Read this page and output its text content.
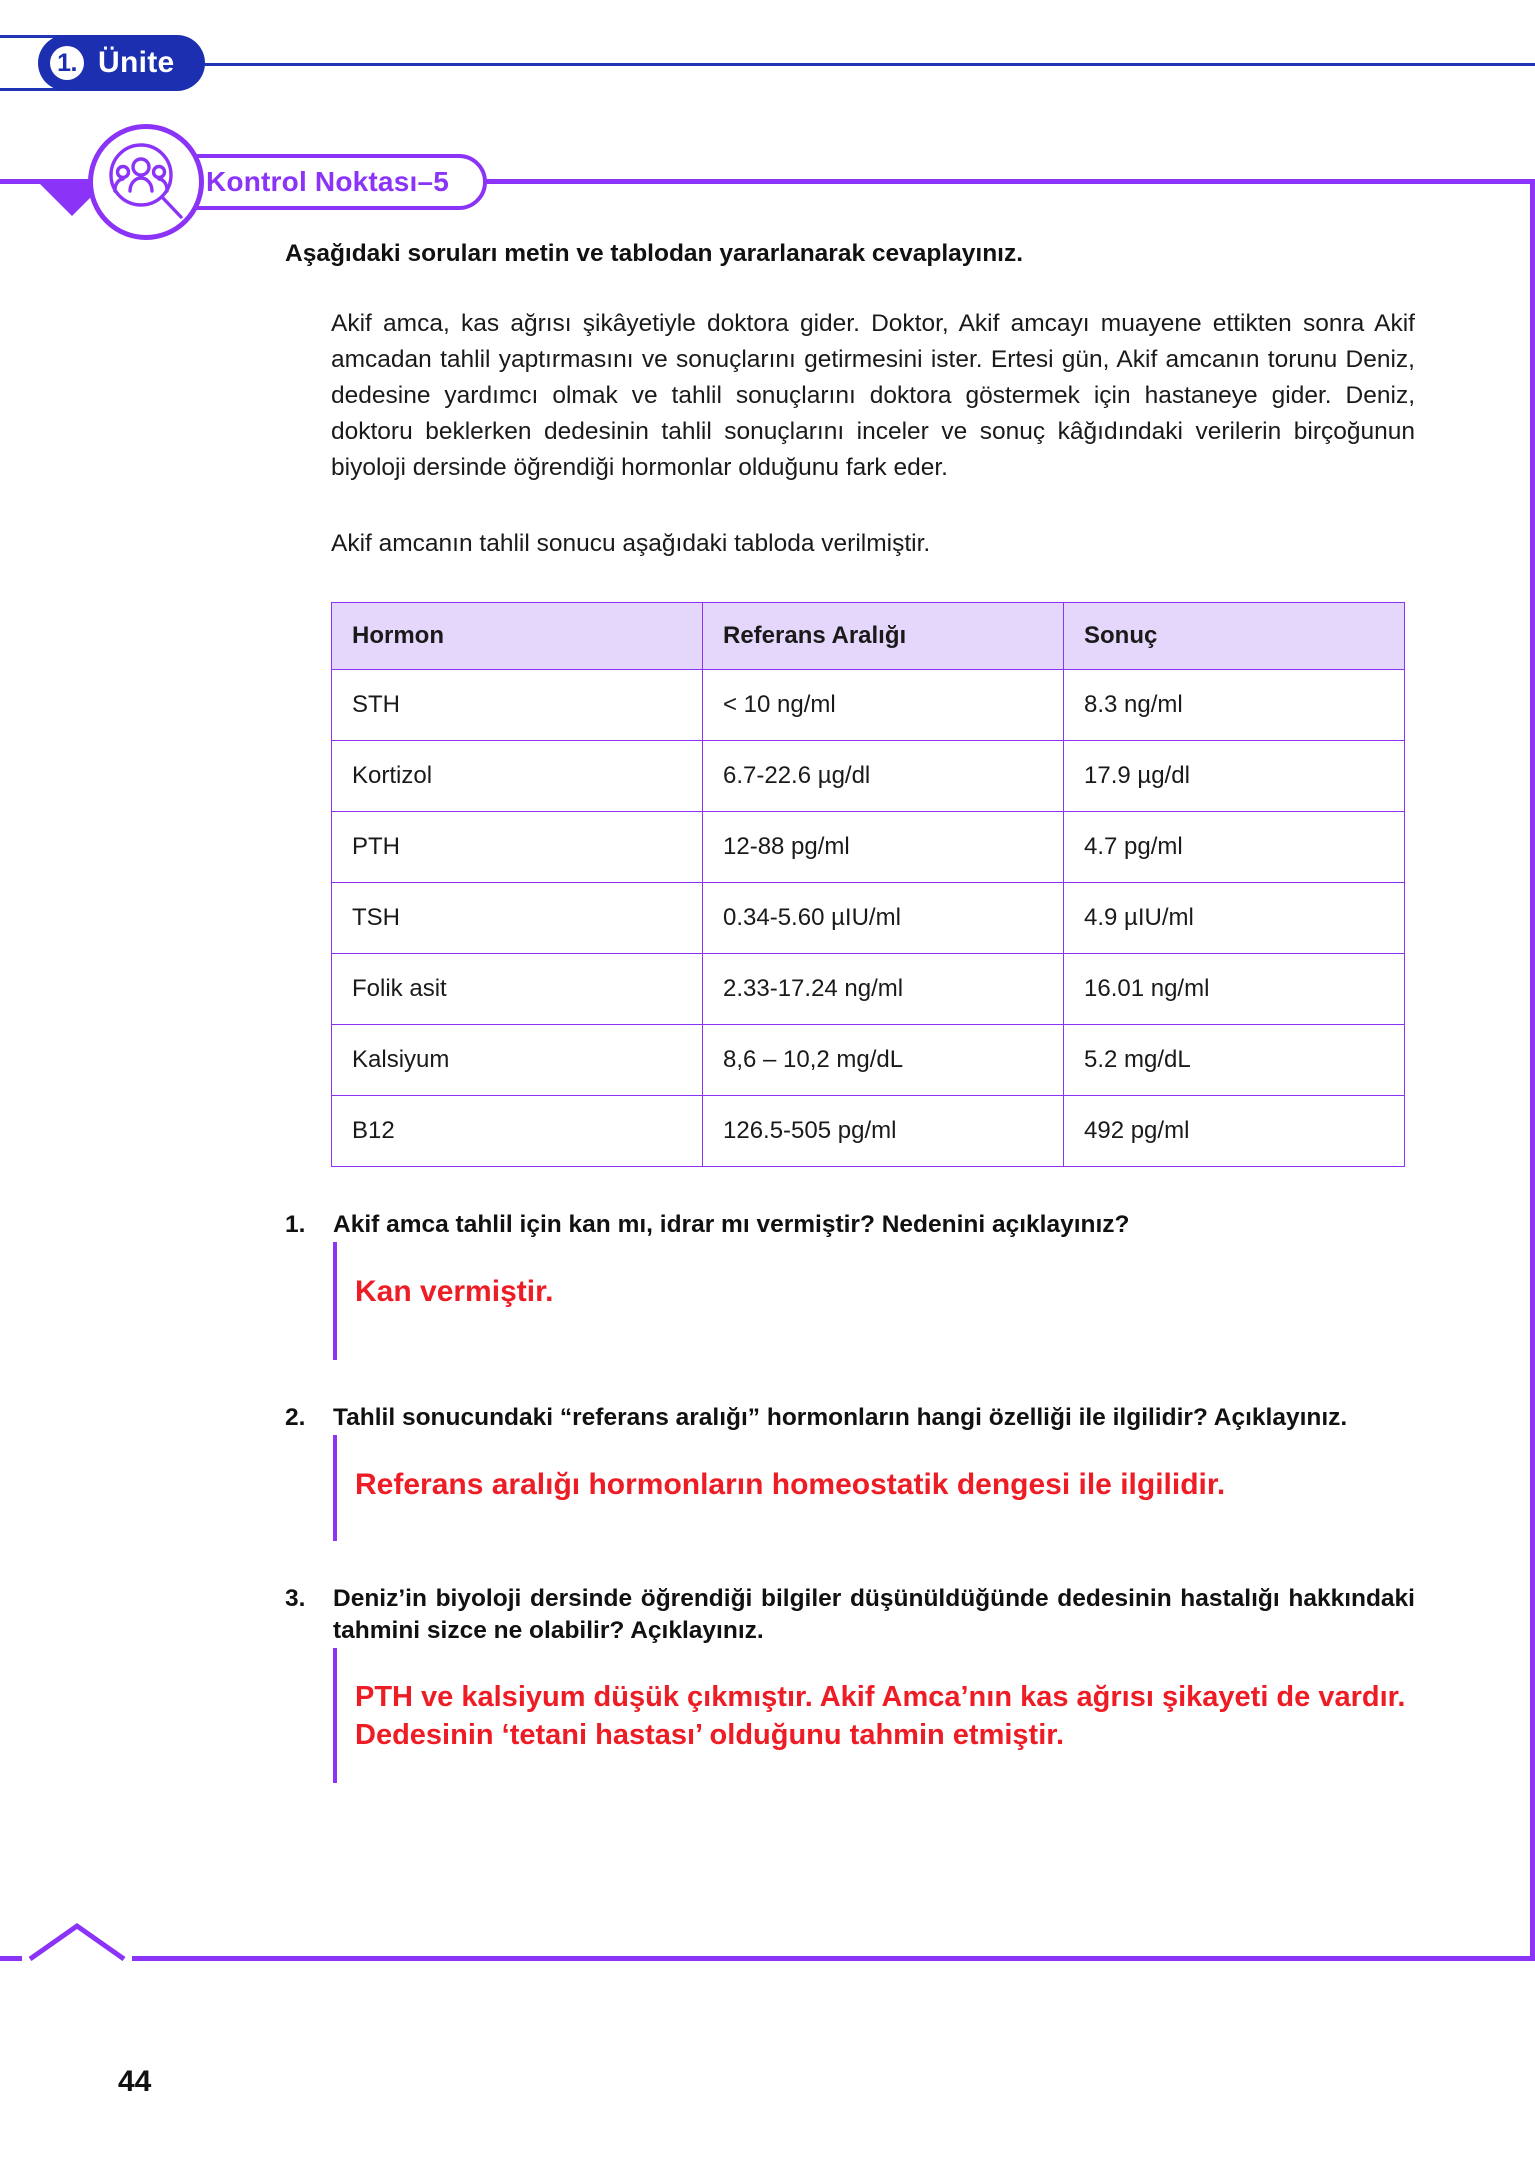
1. Ünite
Kontrol Noktası–5

Aşağıdaki soruları metin ve tablodan yararlanarak cevaplayınız.

Akif amca, kas ağrısı şikâyetiyle doktora gider. Doktor, Akif amcayı muayene ettikten sonra Akif amcadan tahlil yaptırmasını ve sonuçlarını getirmesini ister. Ertesi gün, Akif amcanın torunu Deniz, dedesine yardımcı olmak ve tahlil sonuçlarını doktora göstermek için hastaneye gider. Deniz, doktoru beklerken dedesinin tahlil sonuçlarını inceler ve sonuç kâğıdındaki verilerin birçoğunun biyoloji dersinde öğrendiği hormonlar olduğunu fark eder.

Akif amcanın tahlil sonucu aşağıdaki tabloda verilmiştir.

Hormon	Referans Aralığı	Sonuç
STH	< 10 ng/ml	8.3 ng/ml
Kortizol	6.7-22.6 µg/dl	17.9 µg/dl
PTH	12-88 pg/ml	4.7 pg/ml
TSH	0.34-5.60 µIU/ml	4.9 µIU/ml
Folik asit	2.33-17.24 ng/ml	16.01 ng/ml
Kalsiyum	8,6 – 10,2 mg/dL	5.2 mg/dL
B12	126.5-505 pg/ml	492 pg/ml
1.	Akif amca tahlil için kan mı, idrar mı vermiştir? Nedenini açıklayınız?

Kan vermiştir.

2.	Tahlil sonucundaki “referans aralığı” hormonların hangi özelliği ile ilgilidir? Açıklayınız.

Referans aralığı hormonların homeostatik dengesi ile ilgilidir.

3.	Deniz’in biyoloji dersinde öğrendiği bilgiler düşünüldüğünde dedesinin hastalığı hakkındaki tahmini sizce ne olabilir? Açıklayınız.

PTH ve kalsiyum düşük çıkmıştır. Akif Amca’nın kas ağrısı şikayeti de vardır. Dedesinin ‘tetani hastası’ olduğunu tahmin etmiştir.

44
